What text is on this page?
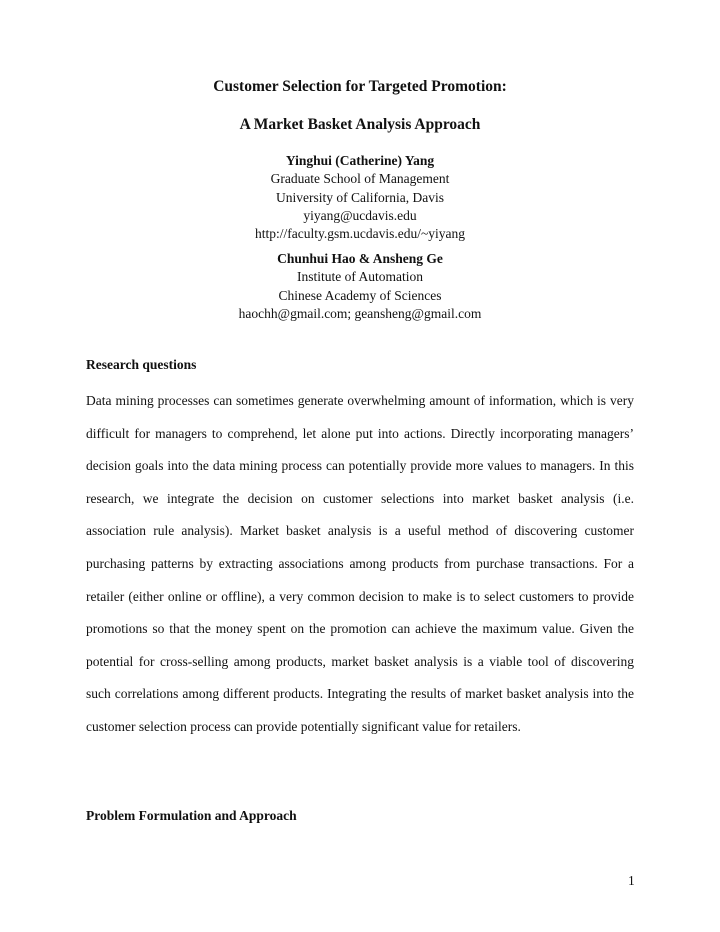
Customer Selection for Targeted Promotion:
A Market Basket Analysis Approach
Yinghui (Catherine) Yang
Graduate School of Management
University of California, Davis
yiyang@ucdavis.edu
http://faculty.gsm.ucdavis.edu/~yiyang
Chunhui Hao & Ansheng Ge
Institute of Automation
Chinese Academy of Sciences
haochh@gmail.com; geansheng@gmail.com
Research questions

Data mining processes can sometimes generate overwhelming amount of information, which is very difficult for managers to comprehend, let alone put into actions. Directly incorporating managers’ decision goals into the data mining process can potentially provide more values to managers. In this research, we integrate the decision on customer selections into market basket analysis (i.e. association rule analysis). Market basket analysis is a useful method of discovering customer purchasing patterns by extracting associations among products from purchase transactions. For a retailer (either online or offline), a very common decision to make is to select customers to provide promotions so that the money spent on the promotion can achieve the maximum value. Given the potential for cross-selling among products, market basket analysis is a viable tool of discovering such correlations among different products. Integrating the results of market basket analysis into the customer selection process can provide potentially significant value for retailers.

Problem Formulation and Approach
1
